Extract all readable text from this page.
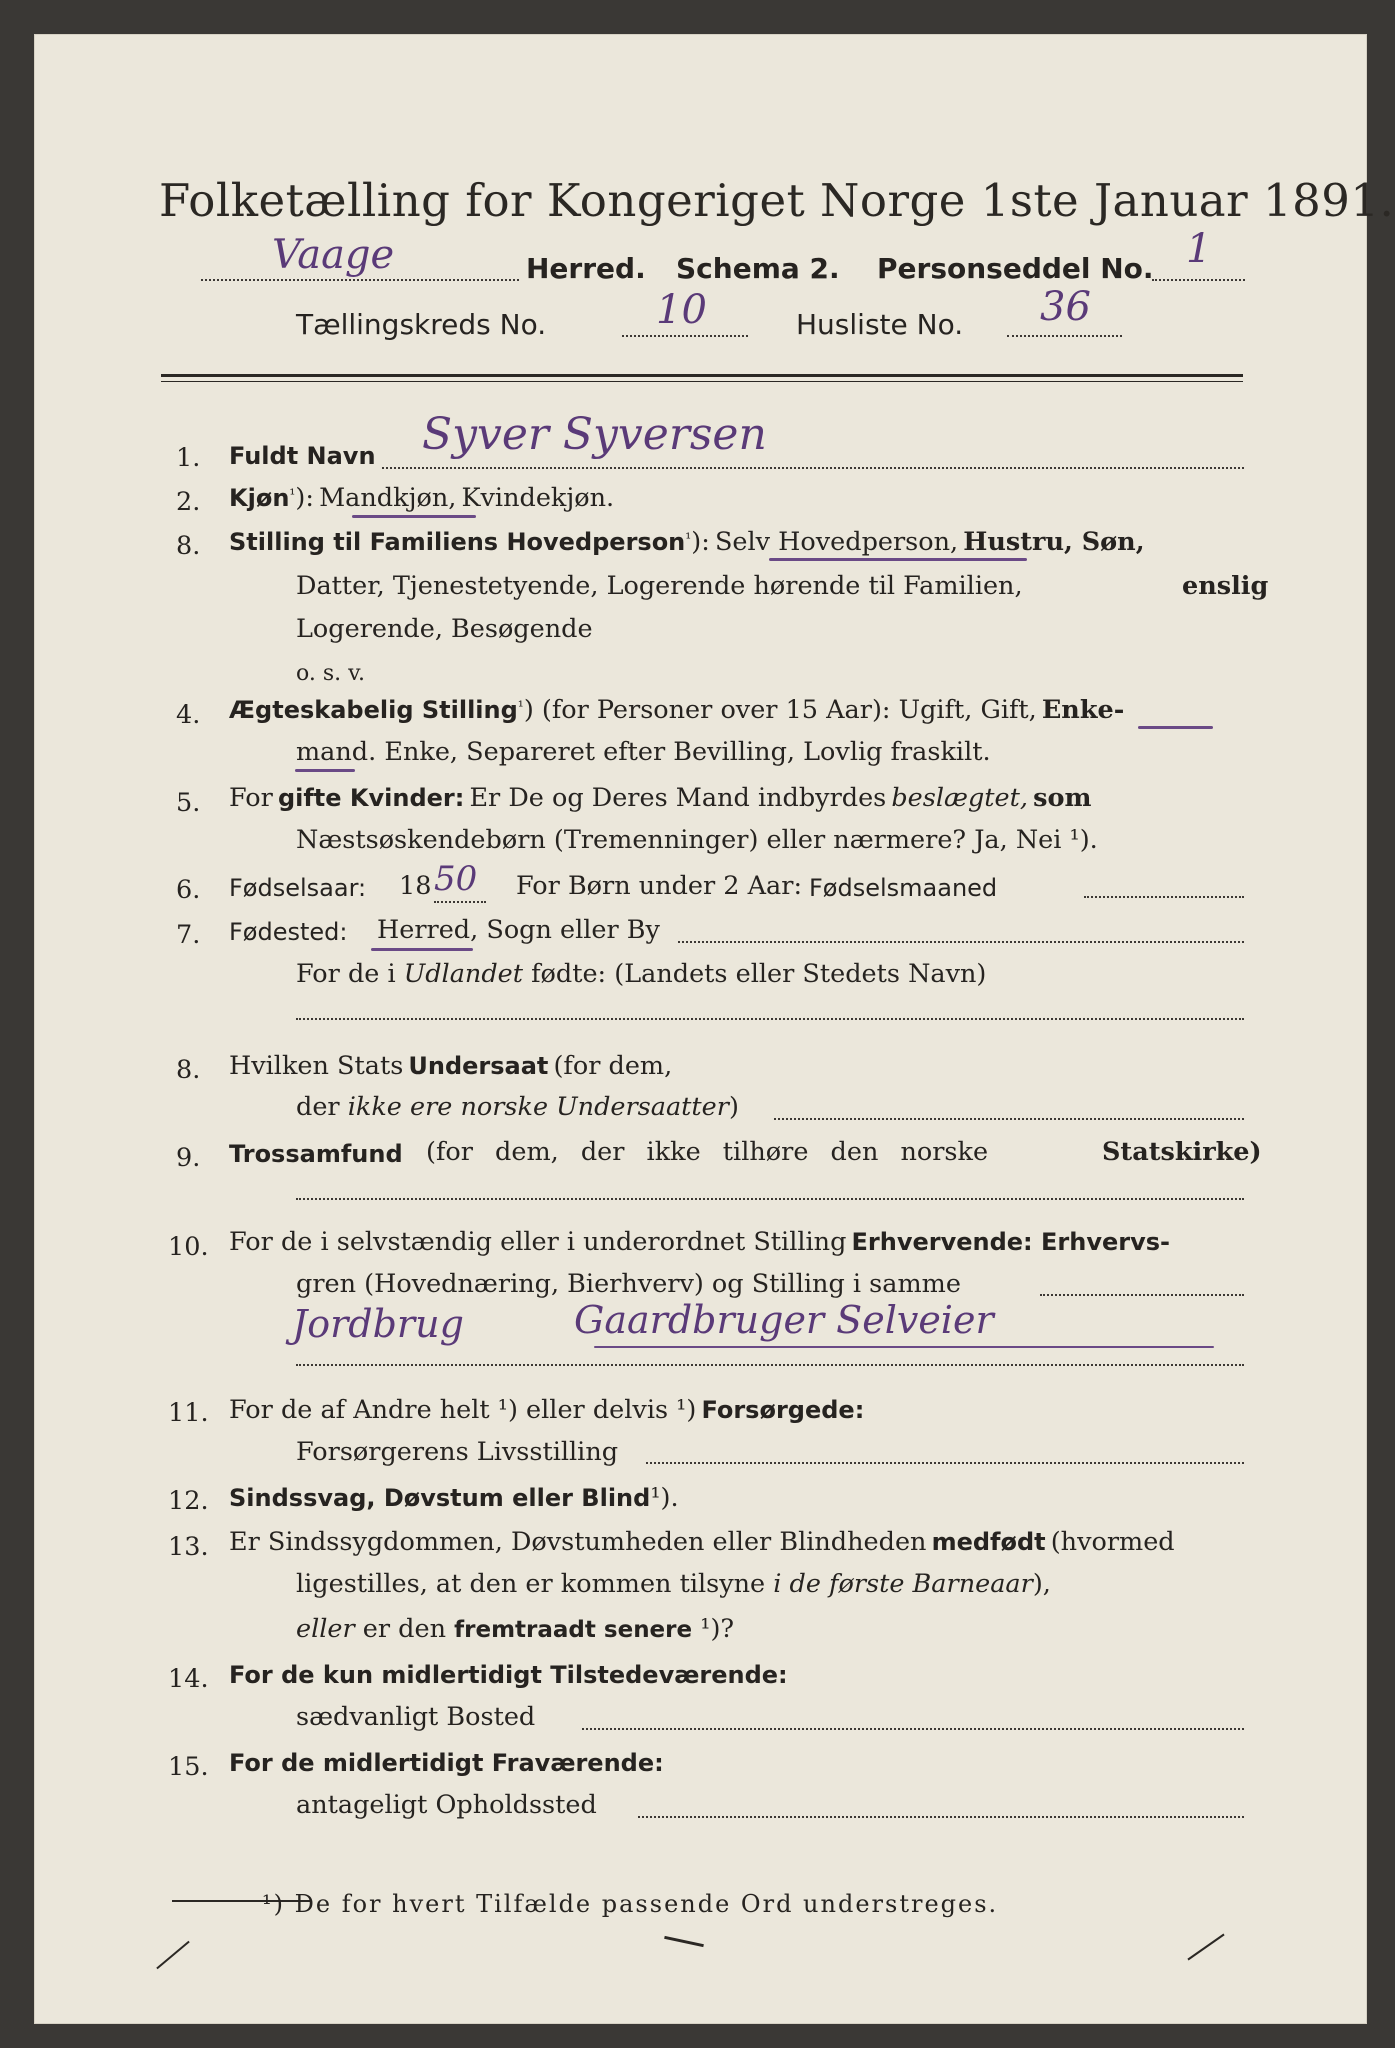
Folketælling for Kongeriget Norge 1ste Januar 1891.
Vaage	Herred. Schema 2. Personseddel No. 1
Tællingskreds No.	10	Husliste No. 36
1. Fuldt Navn Syver Syversen
2. Kjøn¹): Mandkjøn, Kvindekjøn.
8. Stilling til Familiens Hovedperson¹): Selv Hovedperson, Hustru, Søn,
Datter, Tjenestetyende, Logerende hørende til Familien,	enslig
Logerende, Besøgende
o. s. v.
4. Ægteskabelig Stilling¹) (for Personer over 15 Aar): Ugift, Gift, Enke-
mand. Enke, Separeret efter Bevilling, Lovlig fraskilt.
5. For gifte Kvinder: Er De og Deres Mand indbyrdes beslægtet, som
Næstsøskendebørn (Tremenninger) eller nærmere? Ja, Nei ¹).
6. Fødselsaar: 18 50 For Børn under 2 Aar: Fødselsmaaned
7. Fødested: Herred, Sogn eller By
For de i Udlandet fødte: (Landets eller Stedets Navn)
8. Hvilken Stats Undersaat (for dem,
der ikke ere norske Undersaatter)
9. Trossamfund (for dem, der ikke tilhøre den norske	Statskirke)
10. For de i selvstændig eller i underordnet Stilling Erhvervende: Erhvervs-
gren (Hovednæring, Bierhverv) og Stilling i samme
Jordbrug	Gaardbruger Selveier
11. For de af Andre helt ¹) eller delvis ¹) Forsørgede:
Forsørgerens Livsstilling
12. Sindssvag, Døvstum eller Blind¹).
13. Er Sindssygdommen, Døvstumheden eller Blindheden medfødt (hvormed
ligestilles, at den er kommen tilsyne i de første Barneaar),
eller er den fremtraadt senere ¹)?
14. For de kun midlertidigt Tilstedeværende:
sædvanligt Bosted
15. For de midlertidigt Fraværende:
antageligt Opholdssted
¹) De for hvert Tilfælde passende Ord understreges.
